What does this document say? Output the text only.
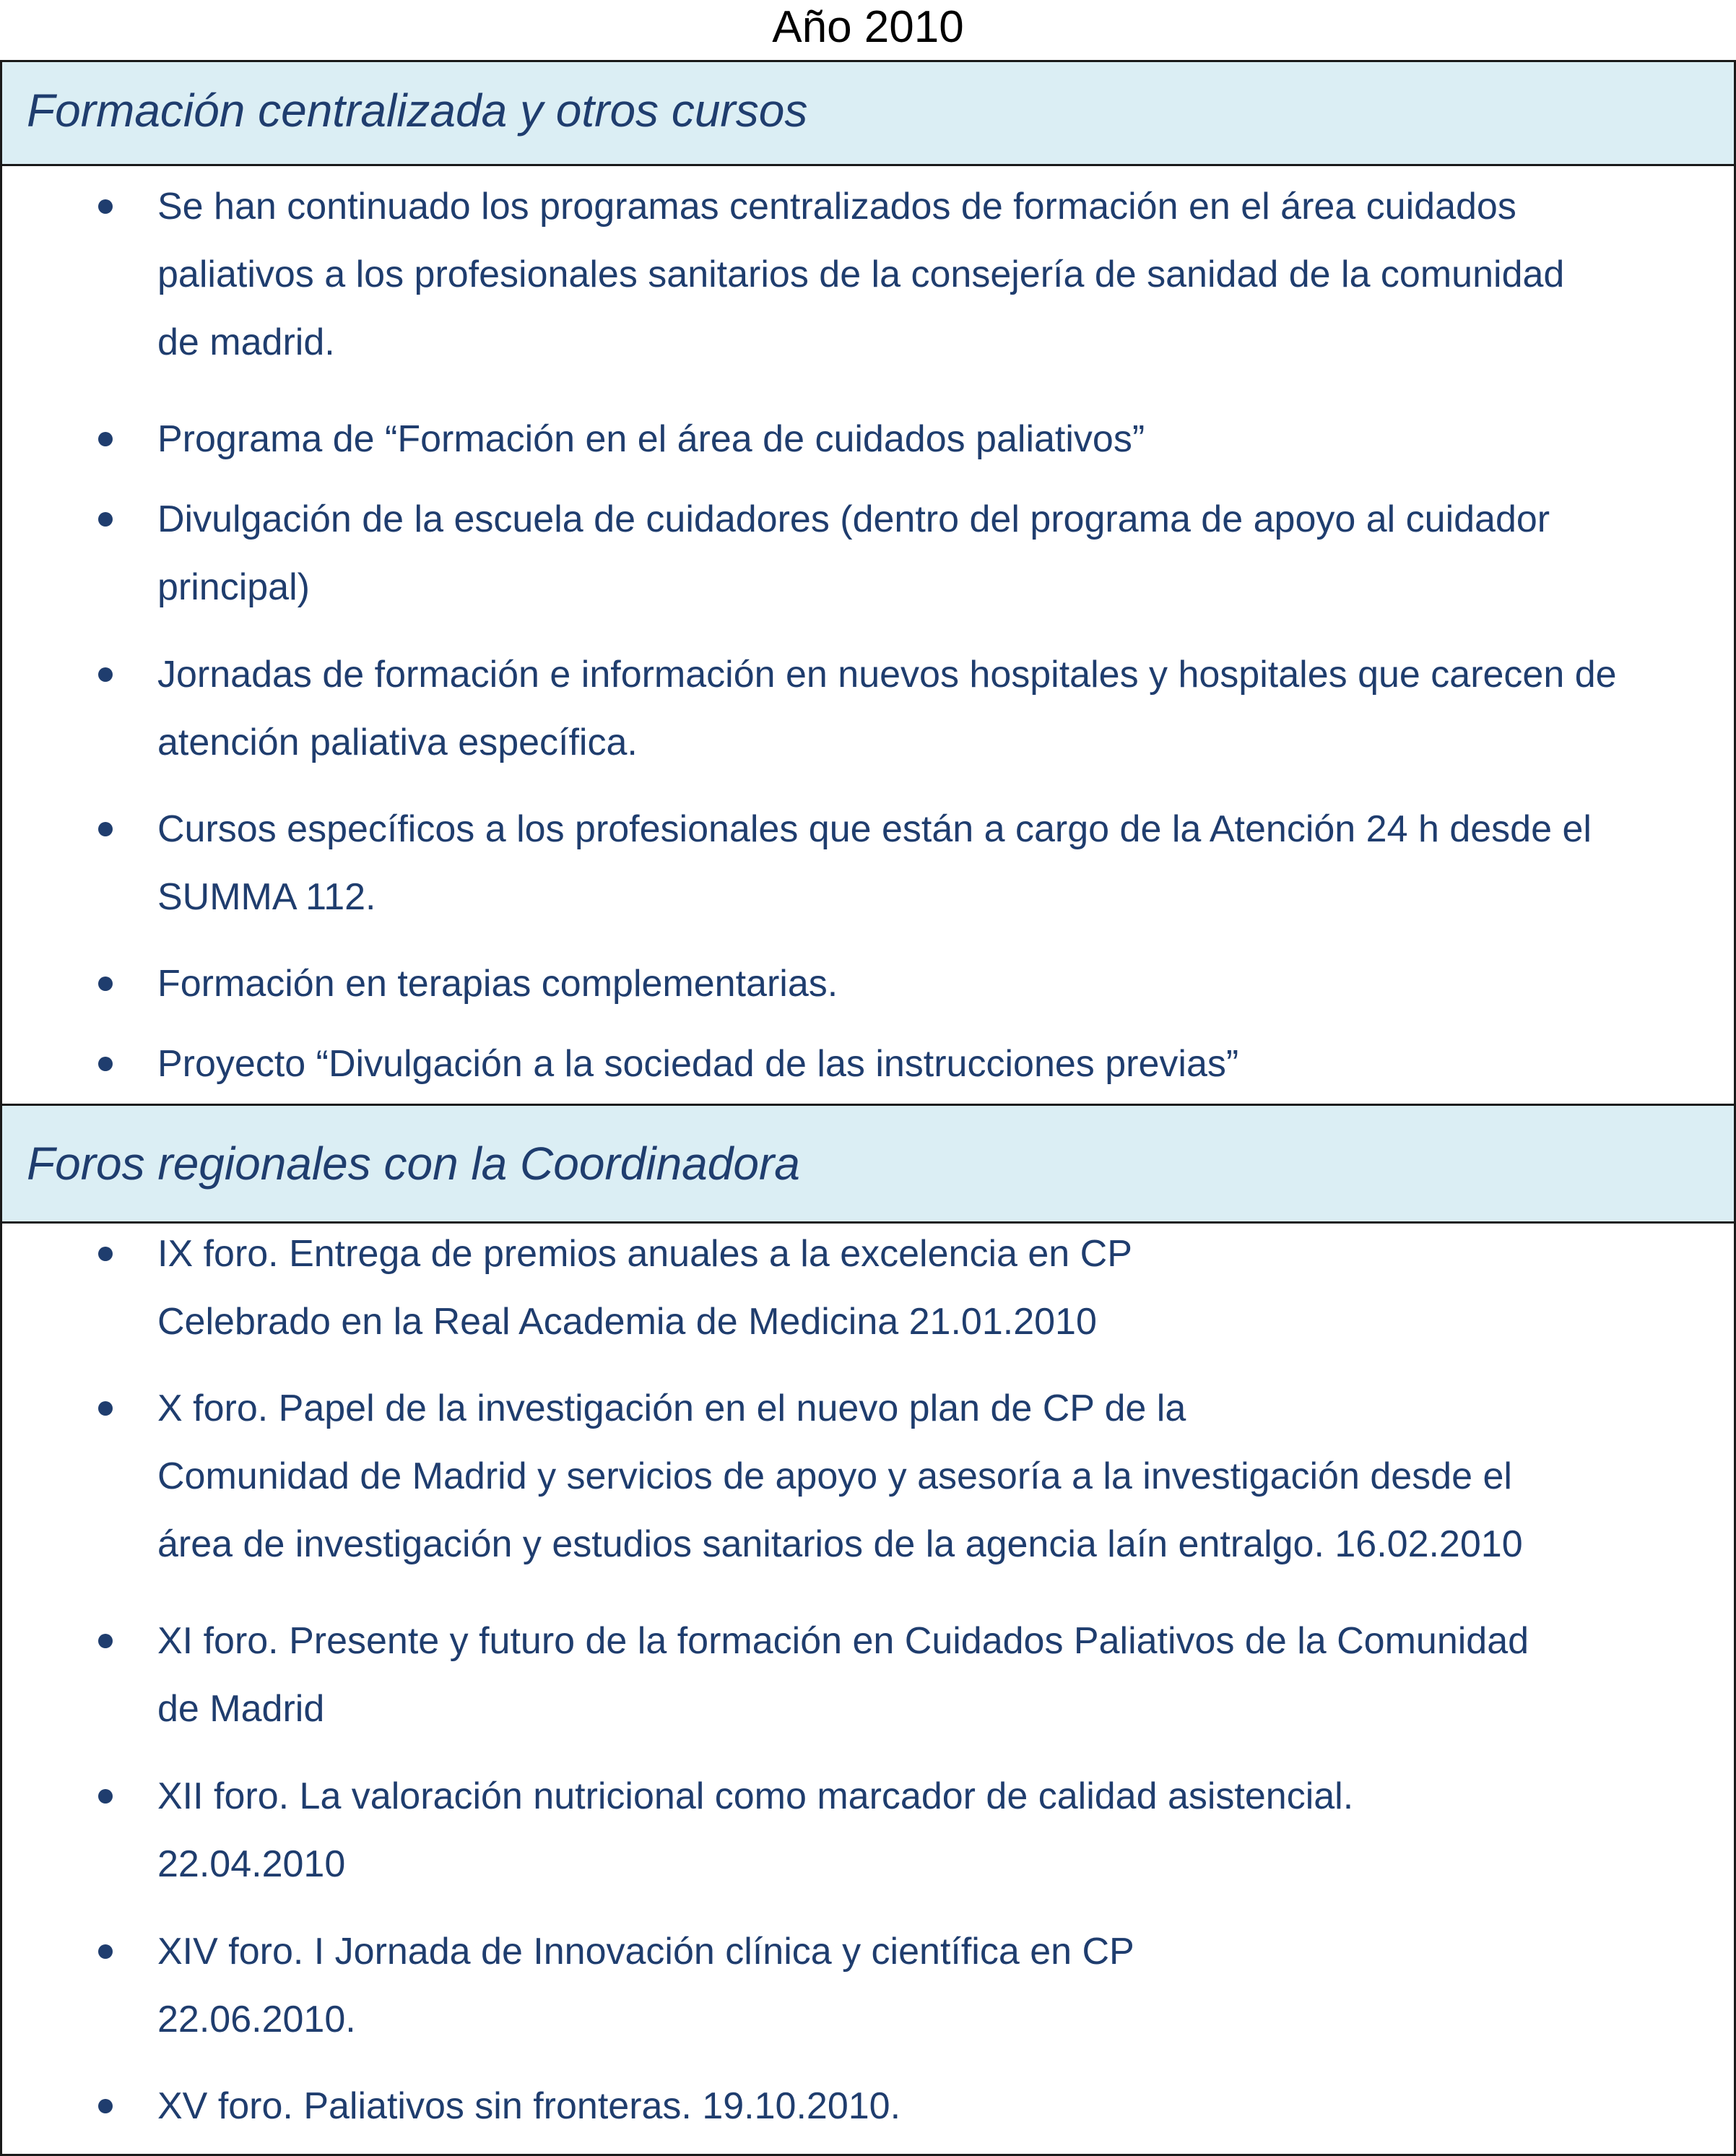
Año 2010
Formación centralizada y otros cursos
Se han continuado los programas centralizados de formación en el área cuidados
paliativos a los profesionales sanitarios de la consejería de sanidad de la comunidad
de madrid.
Programa de “Formación en el área de cuidados paliativos”
Divulgación de la escuela de cuidadores (dentro del programa de apoyo al cuidador
principal)
Jornadas de formación e información en nuevos hospitales y hospitales que carecen de
atención paliativa específica.
Cursos específicos a los profesionales que están a cargo de la Atención 24 h desde el
SUMMA 112.
Formación en terapias complementarias.
Proyecto “Divulgación a la sociedad de las instrucciones previas”
Foros regionales con la Coordinadora
IX foro. Entrega de premios anuales a la excelencia en CP
Celebrado en la Real Academia de Medicina 21.01.2010
X foro. Papel de la investigación en el nuevo plan de CP de la
Comunidad de Madrid y servicios de apoyo y asesoría a la investigación desde el
área de investigación y estudios sanitarios de la agencia laín entralgo. 16.02.2010
XI foro. Presente y futuro de la formación en Cuidados Paliativos de la Comunidad
de Madrid
XII foro. La valoración nutricional como marcador de calidad asistencial.
22.04.2010
XIV foro. I Jornada de Innovación clínica y científica en CP
22.06.2010.
XV foro. Paliativos sin fronteras. 19.10.2010.
